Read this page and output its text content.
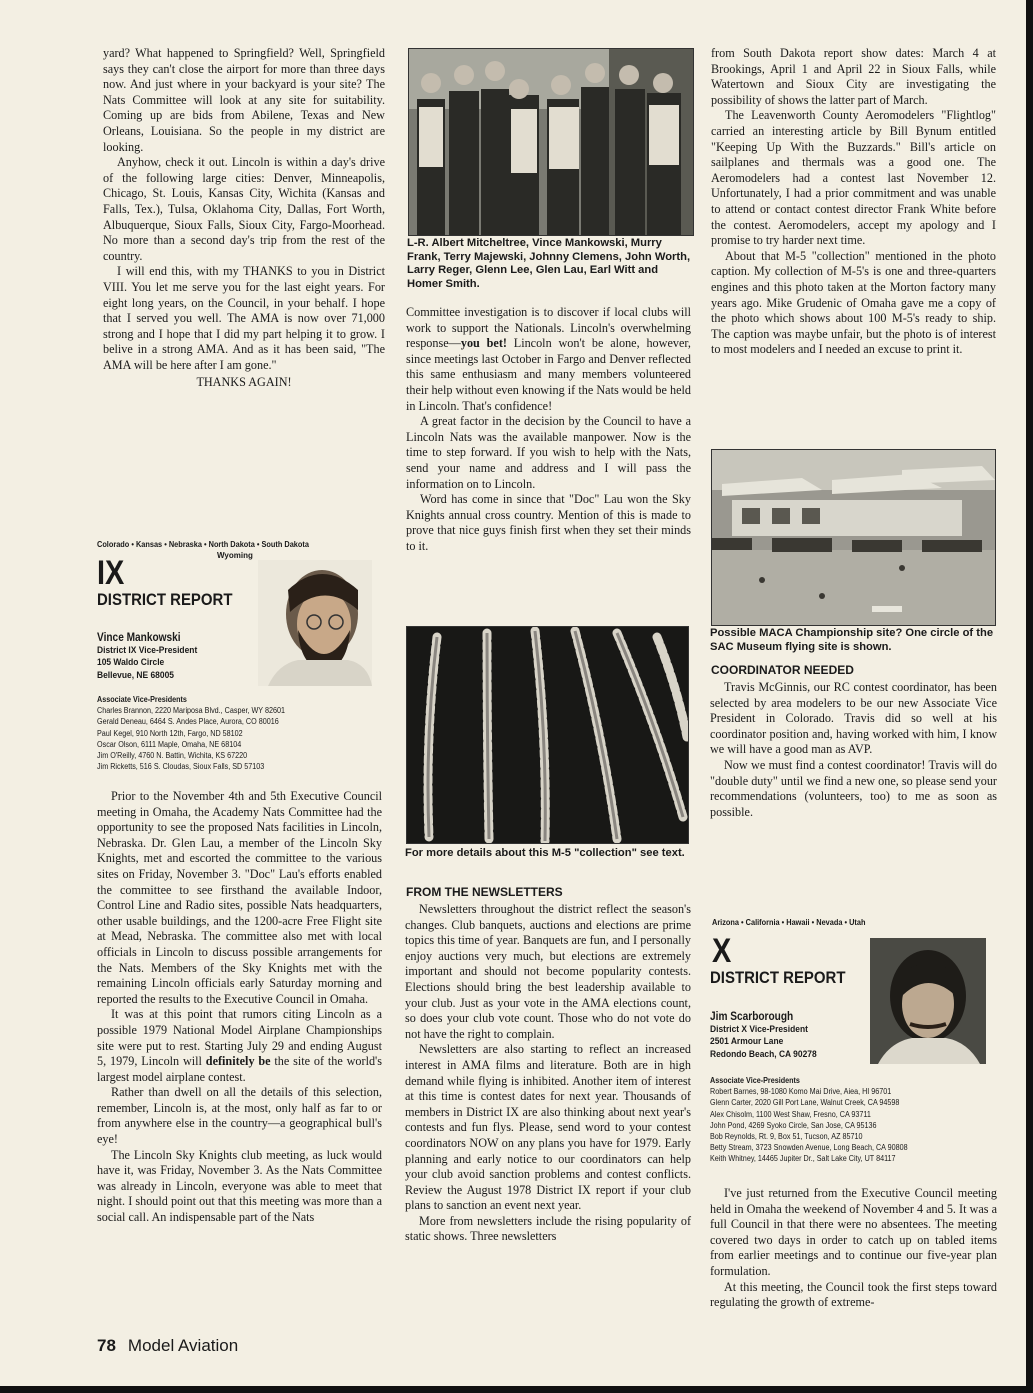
yard? What happened to Springfield? Well, Springfield says they can't close the airport for more than three days now. And just where in your backyard is your site? The Nats Committee will look at any site for suitability. Coming up are bids from Abilene, Texas and New Orleans, Louisiana. So the people in my district are looking.

Anyhow, check it out. Lincoln is within a day's drive of the following large cities: Denver, Minneapolis, Chicago, St. Louis, Kansas City, Wichita (Kansas and Falls, Tex.), Tulsa, Oklahoma City, Dallas, Fort Worth, Albuquerque, Sioux Falls, Sioux City, Fargo-Moorhead. No more than a second day's trip from the rest of the country.

I will end this, with my THANKS to you in District VIII. You let me serve you for the last eight years. For eight long years, on the Council, in your behalf. I hope that I served you well. The AMA is now over 71,000 strong and I hope that I did my part helping it to grow. I belive in a strong AMA. And as it has been said, "The AMA will be here after I am gone."

THANKS AGAIN!

Colorado • Kansas • Nebraska • North Dakota • South Dakota
Wyoming
IX
DISTRICT REPORT
Vince Mankowski
District IX Vice-President
105 Waldo Circle
Bellevue, NE 68005
Associate Vice-Presidents
Charles Brannon, 2220 Mariposa Blvd., Casper, WY 82601
Gerald Deneau, 6464 S. Andes Place, Aurora, CO 80016
Paul Kegel, 910 North 12th, Fargo, ND 58102
Oscar Olson, 6111 Maple, Omaha, NE 68104
Jim O'Reilly, 4760 N. Battin, Wichita, KS 67220
Jim Ricketts, 516 S. Cloudas, Sioux Falls, SD 57103

Prior to the November 4th and 5th Executive Council meeting in Omaha, the Academy Nats Committee had the opportunity to see the proposed Nats facilities in Lincoln, Nebraska. Dr. Glen Lau, a member of the Lincoln Sky Knights, met and escorted the committee to the various sites on Friday, November 3. "Doc" Lau's efforts enabled the committee to see firsthand the available Indoor, Control Line and Radio sites, possible Nats headquarters, other usable buildings, and the 1200-acre Free Flight site at Mead, Nebraska. The committee also met with local officials in Lincoln to discuss possible arrangements for the Nats. Members of the Sky Knights met with the remaining Lincoln officials early Saturday morning and reported the results to the Executive Council in Omaha.

It was at this point that rumors citing Lincoln as a possible 1979 National Model Airplane Championships site were put to rest. Starting July 29 and ending August 5, 1979, Lincoln will definitely be the site of the world's largest model airplane contest.

Rather than dwell on all the details of this selection, remember, Lincoln is, at the most, only half as far to or from anywhere else in the country—a geographical bull's eye!

The Lincoln Sky Knights club meeting, as luck would have it, was Friday, November 3. As the Nats Committee was already in Lincoln, everyone was able to meet that night. I should point out that this meeting was more than a social call. An indispensable part of the Nats

L-R. Albert Mitcheltree, Vince Mankowski, Murry Frank, Terry Majewski, Johnny Clemens, John Worth, Larry Reger, Glenn Lee, Glen Lau, Earl Witt and Homer Smith.

Committee investigation is to discover if local clubs will work to support the Nationals. Lincoln's overwhelming response—you bet! Lincoln won't be alone, however, since meetings last October in Fargo and Denver reflected this same enthusiasm and many members volunteered their help without even knowing if the Nats would be held in Lincoln. That's confidence!

A great factor in the decision by the Council to have a Lincoln Nats was the available manpower. Now is the time to step forward. If you wish to help with the Nats, send your name and address and I will pass the information on to Lincoln.

Word has come in since that "Doc" Lau won the Sky Knights annual cross country. Mention of this is made to prove that nice guys finish first when they set their minds to it.

For more details about this M-5 "collection" see text.
FROM THE NEWSLETTERS

Newsletters throughout the district reflect the season's changes. Club banquets, auctions and elections are prime topics this time of year. Banquets are fun, and I personally enjoy auctions very much, but elections are extremely important and should not become popularity contests. Elections should bring the best leadership available to your club. Just as your vote in the AMA elections count, so does your club vote count. Those who do not vote do not have the right to complain.

Newsletters are also starting to reflect an increased interest in AMA films and literature. Both are in high demand while flying is inhibited. Another item of interest at this time is contest dates for next year. Thousands of members in District IX are also thinking about next year's contests and fun flys. Please, send word to your contest coordinators NOW on any plans you have for 1979. Early planning and early notice to our coordinators can help your club avoid sanction problems and contest conflicts. Review the August 1978 District IX report if your club plans to sanction an event next year.

More from newsletters include the rising popularity of static shows. Three newsletters

from South Dakota report show dates: March 4 at Brookings, April 1 and April 22 in Sioux Falls, while Watertown and Sioux City are investigating the possibility of shows the latter part of March.

The Leavenworth County Aeromodelers "Flightlog" carried an interesting article by Bill Bynum entitled "Keeping Up With the Buzzards." Bill's article on sailplanes and thermals was a good one. The Aeromodelers had a contest last November 12. Unfortunately, I had a prior commitment and was unable to attend or contact contest director Frank White before the contest. Aeromodelers, accept my apology and I promise to try harder next time.

About that M-5 "collection" mentioned in the photo caption. My collection of M-5's is one and three-quarters engines and this photo taken at the Morton factory many years ago. Mike Grudenic of Omaha gave me a copy of the photo which shows about 100 M-5's ready to ship. The caption was maybe unfair, but the photo is of interest to most modelers and I needed an excuse to print it.

Possible MACA Championship site? One circle of the SAC Museum flying site is shown.
COORDINATOR NEEDED

Travis McGinnis, our RC contest coordinator, has been selected by area modelers to be our new Associate Vice President in Colorado. Travis did so well at his coordinator position and, having worked with him, I know we will have a good man as AVP.

Now we must find a contest coordinator! Travis will do "double duty" until we find a new one, so please send your recommendations (volunteers, too) to me as soon as possible.

Arizona • California • Hawaii • Nevada • Utah
X
DISTRICT REPORT
Jim Scarborough
District X Vice-President
2501 Armour Lane
Redondo Beach, CA 90278
Associate Vice-Presidents
Robert Barnes, 98-1080 Komo Mai Drive, Aiea, HI 96701
Glenn Carter, 2020 Gill Port Lane, Walnut Creek, CA 94598
Alex Chisolm, 1100 West Shaw, Fresno, CA 93711
John Pond, 4269 Syoko Circle, San Jose, CA 95136
Bob Reynolds, Rt. 9, Box 51, Tucson, AZ 85710
Betty Stream, 3723 Snowden Avenue, Long Beach, CA 90808
Keith Whitney, 14465 Jupiter Dr., Salt Lake City, UT 84117

I've just returned from the Executive Council meeting held in Omaha the weekend of November 4 and 5. It was a full Council in that there were no absentees. The meeting covered two days in order to catch up on tabled items from earlier meetings and to continue our five-year plan formulation.

At this meeting, the Council took the first steps toward regulating the growth of extreme-

78 Model Aviation
